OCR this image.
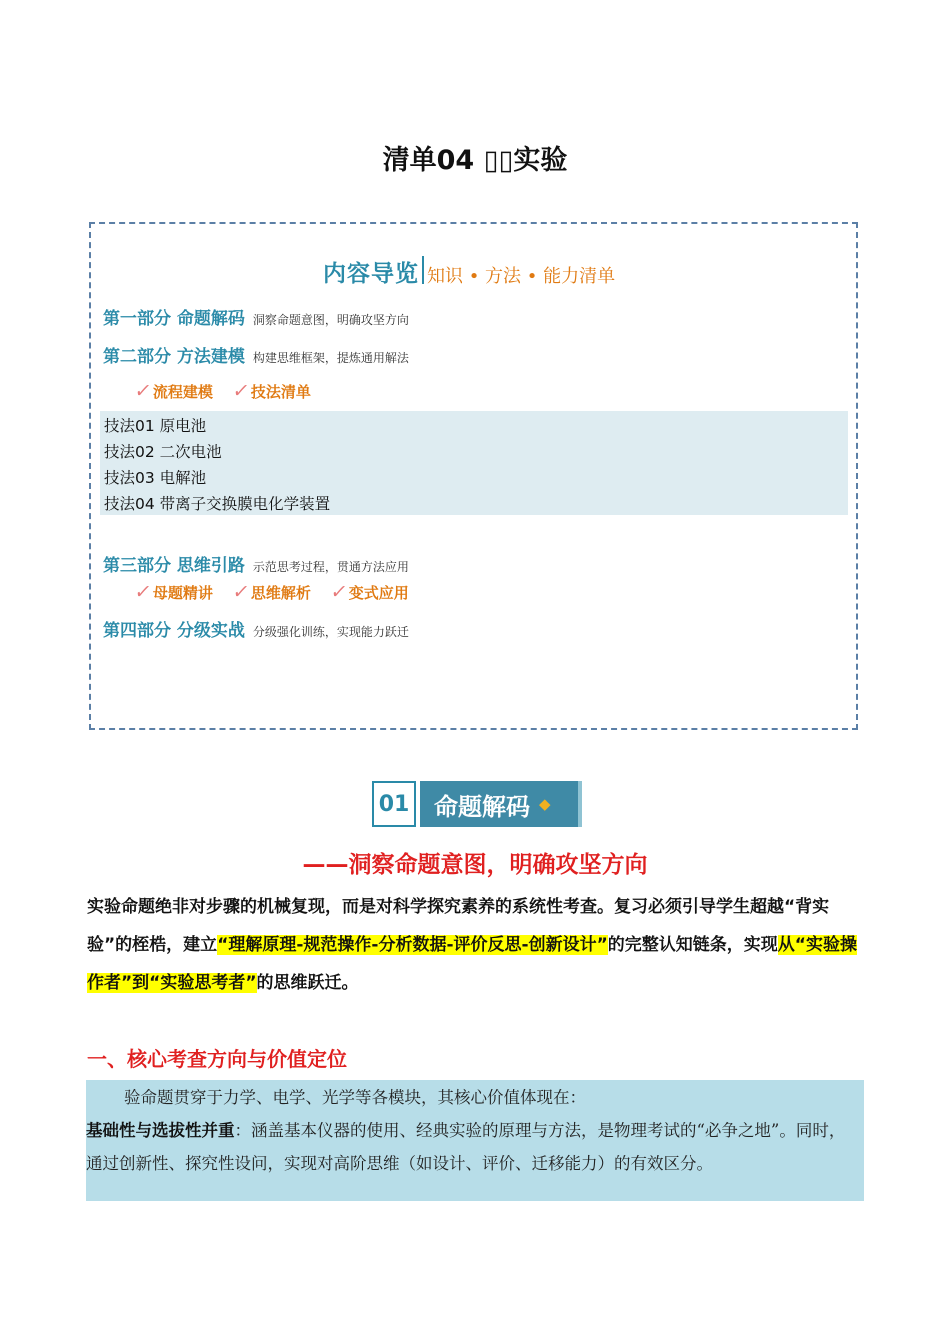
清单04 ▯▯实验
内容导览 知识 • 方法 • 能力清单
第一部分 命题解码 洞察命题意图，明确攻坚方向
第二部分 方法建模 构建思维框架，提炼通用解法
✓ 流程建模 ✓ 技法清单
技法01 原电池
技法02 二次电池
技法03 电解池
技法04 带离子交换膜电化学装置
第三部分 思维引路 示范思考过程，贯通方法应用
✓ 母题精讲 ✓ 思维解析 ✓ 变式应用
第四部分 分级实战 分级强化训练，实现能力跃迁
01 命题解码 ◆
——洞察命题意图，明确攻坚方向
实验命题绝非对步骤的机械复现，而是对科学探究素养的系统性考查。复习必须引导学生超越“背实验”的桎梏，建立“理解原理-规范操作-分析数据-评价反思-创新设计”的完整认知链条，实现从“实验操作者”到“实验思考者”的思维跃迁。
一、核心考查方向与价值定位
验命题贯穿于力学、电学、光学等各模块，其核心价值体现在：
基础性与选拔性并重：涵盖基本仪器的使用、经典实验的原理与方法，是物理考试的“必争之地”。同时，通过创新性、探究性设问，实现对高阶思维（如设计、评价、迁移能力）的有效区分。
